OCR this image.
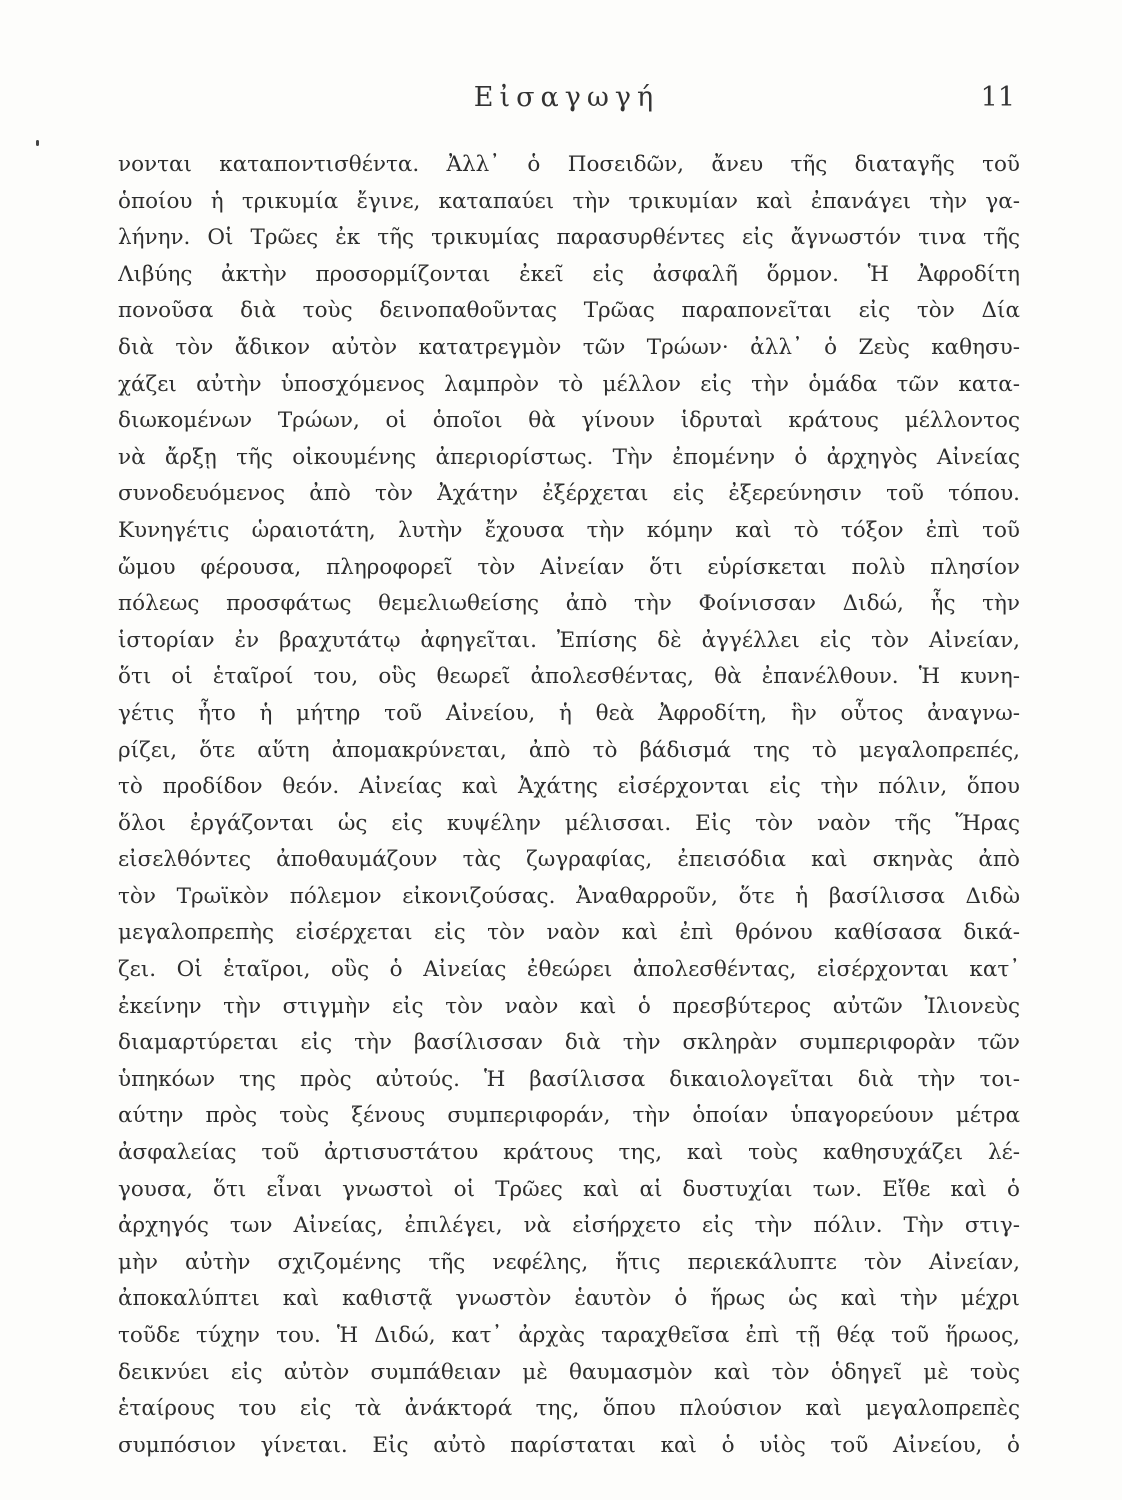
Εἰσαγωγή	11
νονται καταποντισθέντα. Ἀλλ᾽ ὁ Ποσειδῶν, ἄνευ τῆς διαταγῆς τοῦ
ὁποίου ἡ τρικυμία ἔγινε, καταπαύει τὴν τρικυμίαν καὶ ἐπανάγει τὴν γα-
λήνην. Οἱ Τρῶες ἐκ τῆς τρικυμίας παρασυρθέντες εἰς ἄγνωστόν τινα τῆς
Λιβύης ἀκτὴν προσορμίζονται ἐκεῖ εἰς ἀσφαλῆ ὅρμον. Ἡ Ἀφροδίτη
πονοῦσα διὰ τοὺς δεινοπαθοῦντας Τρῶας παραπονεῖται εἰς τὸν Δία
διὰ τὸν ἄδικον αὐτὸν κατατρεγμὸν τῶν Τρώων· ἀλλ᾽ ὁ Ζεὺς καθησυ-
χάζει αὐτὴν ὑποσχόμενος λαμπρὸν τὸ μέλλον εἰς τὴν ὁμάδα τῶν κατα-
διωκομένων Τρώων, οἱ ὁποῖοι θὰ γίνουν ἱδρυταὶ κράτους μέλλοντος
νὰ ἄρξῃ τῆς οἰκουμένης ἀπεριορίστως. Τὴν ἐπομένην ὁ ἀρχηγὸς Αἰνείας
συνοδευόμενος ἀπὸ τὸν Ἀχάτην ἐξέρχεται εἰς ἐξερεύνησιν τοῦ τόπου.
Κυνηγέτις ὡραιοτάτη, λυτὴν ἔχουσα τὴν κόμην καὶ τὸ τόξον ἐπὶ τοῦ
ὤμου φέρουσα, πληροφορεῖ τὸν Αἰνείαν ὅτι εὑρίσκεται πολὺ πλησίον
πόλεως προσφάτως θεμελιωθείσης ἀπὸ τὴν Φοίνισσαν Διδώ, ἧς τὴν
ἱστορίαν ἐν βραχυτάτῳ ἀφηγεῖται. Ἐπίσης δὲ ἀγγέλλει εἰς τὸν Αἰνείαν,
ὅτι οἱ ἑταῖροί του, οὓς θεωρεῖ ἀπολεσθέντας, θὰ ἐπανέλθουν. Ἡ κυνη-
γέτις ἦτο ἡ μήτηρ τοῦ Αἰνείου, ἡ θεὰ Ἀφροδίτη, ἣν οὗτος ἀναγνω-
ρίζει, ὅτε αὕτη ἀπομακρύνεται, ἀπὸ τὸ βάδισμά της τὸ μεγαλοπρεπές,
τὸ προδίδον θεόν. Αἰνείας καὶ Ἀχάτης εἰσέρχονται εἰς τὴν πόλιν, ὅπου
ὅλοι ἐργάζονται ὡς εἰς κυψέλην μέλισσαι. Εἰς τὸν ναὸν τῆς Ἥρας
εἰσελθόντες ἀποθαυμάζουν τὰς ζωγραφίας, ἐπεισόδια καὶ σκηνὰς ἀπὸ
τὸν Τρωϊκὸν πόλεμον εἰκονιζούσας. Ἀναθαρροῦν, ὅτε ἡ βασίλισσα Διδὼ
μεγαλοπρεπὴς εἰσέρχεται εἰς τὸν ναὸν καὶ ἐπὶ θρόνου καθίσασα δικά-
ζει. Οἱ ἑταῖροι, οὓς ὁ Αἰνείας ἐθεώρει ἀπολεσθέντας, εἰσέρχονται κατ᾽
ἐκείνην τὴν στιγμὴν εἰς τὸν ναὸν καὶ ὁ πρεσβύτερος αὐτῶν Ἰλιονεὺς
διαμαρτύρεται εἰς τὴν βασίλισσαν διὰ τὴν σκληρὰν συμπεριφορὰν τῶν
ὑπηκόων της πρὸς αὐτούς. Ἡ βασίλισσα δικαιολογεῖται διὰ τὴν τοι-
αύτην πρὸς τοὺς ξένους συμπεριφοράν, τὴν ὁποίαν ὑπαγορεύουν μέτρα
ἀσφαλείας τοῦ ἀρτισυστάτου κράτους της, καὶ τοὺς καθησυχάζει λέ-
γουσα, ὅτι εἶναι γνωστοὶ οἱ Τρῶες καὶ αἱ δυστυχίαι των. Εἴθε καὶ ὁ
ἀρχηγός των Αἰνείας, ἐπιλέγει, νὰ εἰσήρχετο εἰς τὴν πόλιν. Τὴν στιγ-
μὴν αὐτὴν σχιζομένης τῆς νεφέλης, ἥτις περιεκάλυπτε τὸν Αἰνείαν,
ἀποκαλύπτει καὶ καθιστᾷ γνωστὸν ἑαυτὸν ὁ ἥρως ὡς καὶ τὴν μέχρι
τοῦδε τύχην του. Ἡ Διδώ, κατ᾽ ἀρχὰς ταραχθεῖσα ἐπὶ τῇ θέᾳ τοῦ ἥρωος,
δεικνύει εἰς αὐτὸν συμπάθειαν μὲ θαυμασμὸν καὶ τὸν ὁδηγεῖ μὲ τοὺς
ἑταίρους του εἰς τὰ ἀνάκτορά της, ὅπου πλούσιον καὶ μεγαλοπρεπὲς
συμπόσιον γίνεται. Εἰς αὐτὸ παρίσταται καὶ ὁ υἱὸς τοῦ Αἰνείου, ὁ
